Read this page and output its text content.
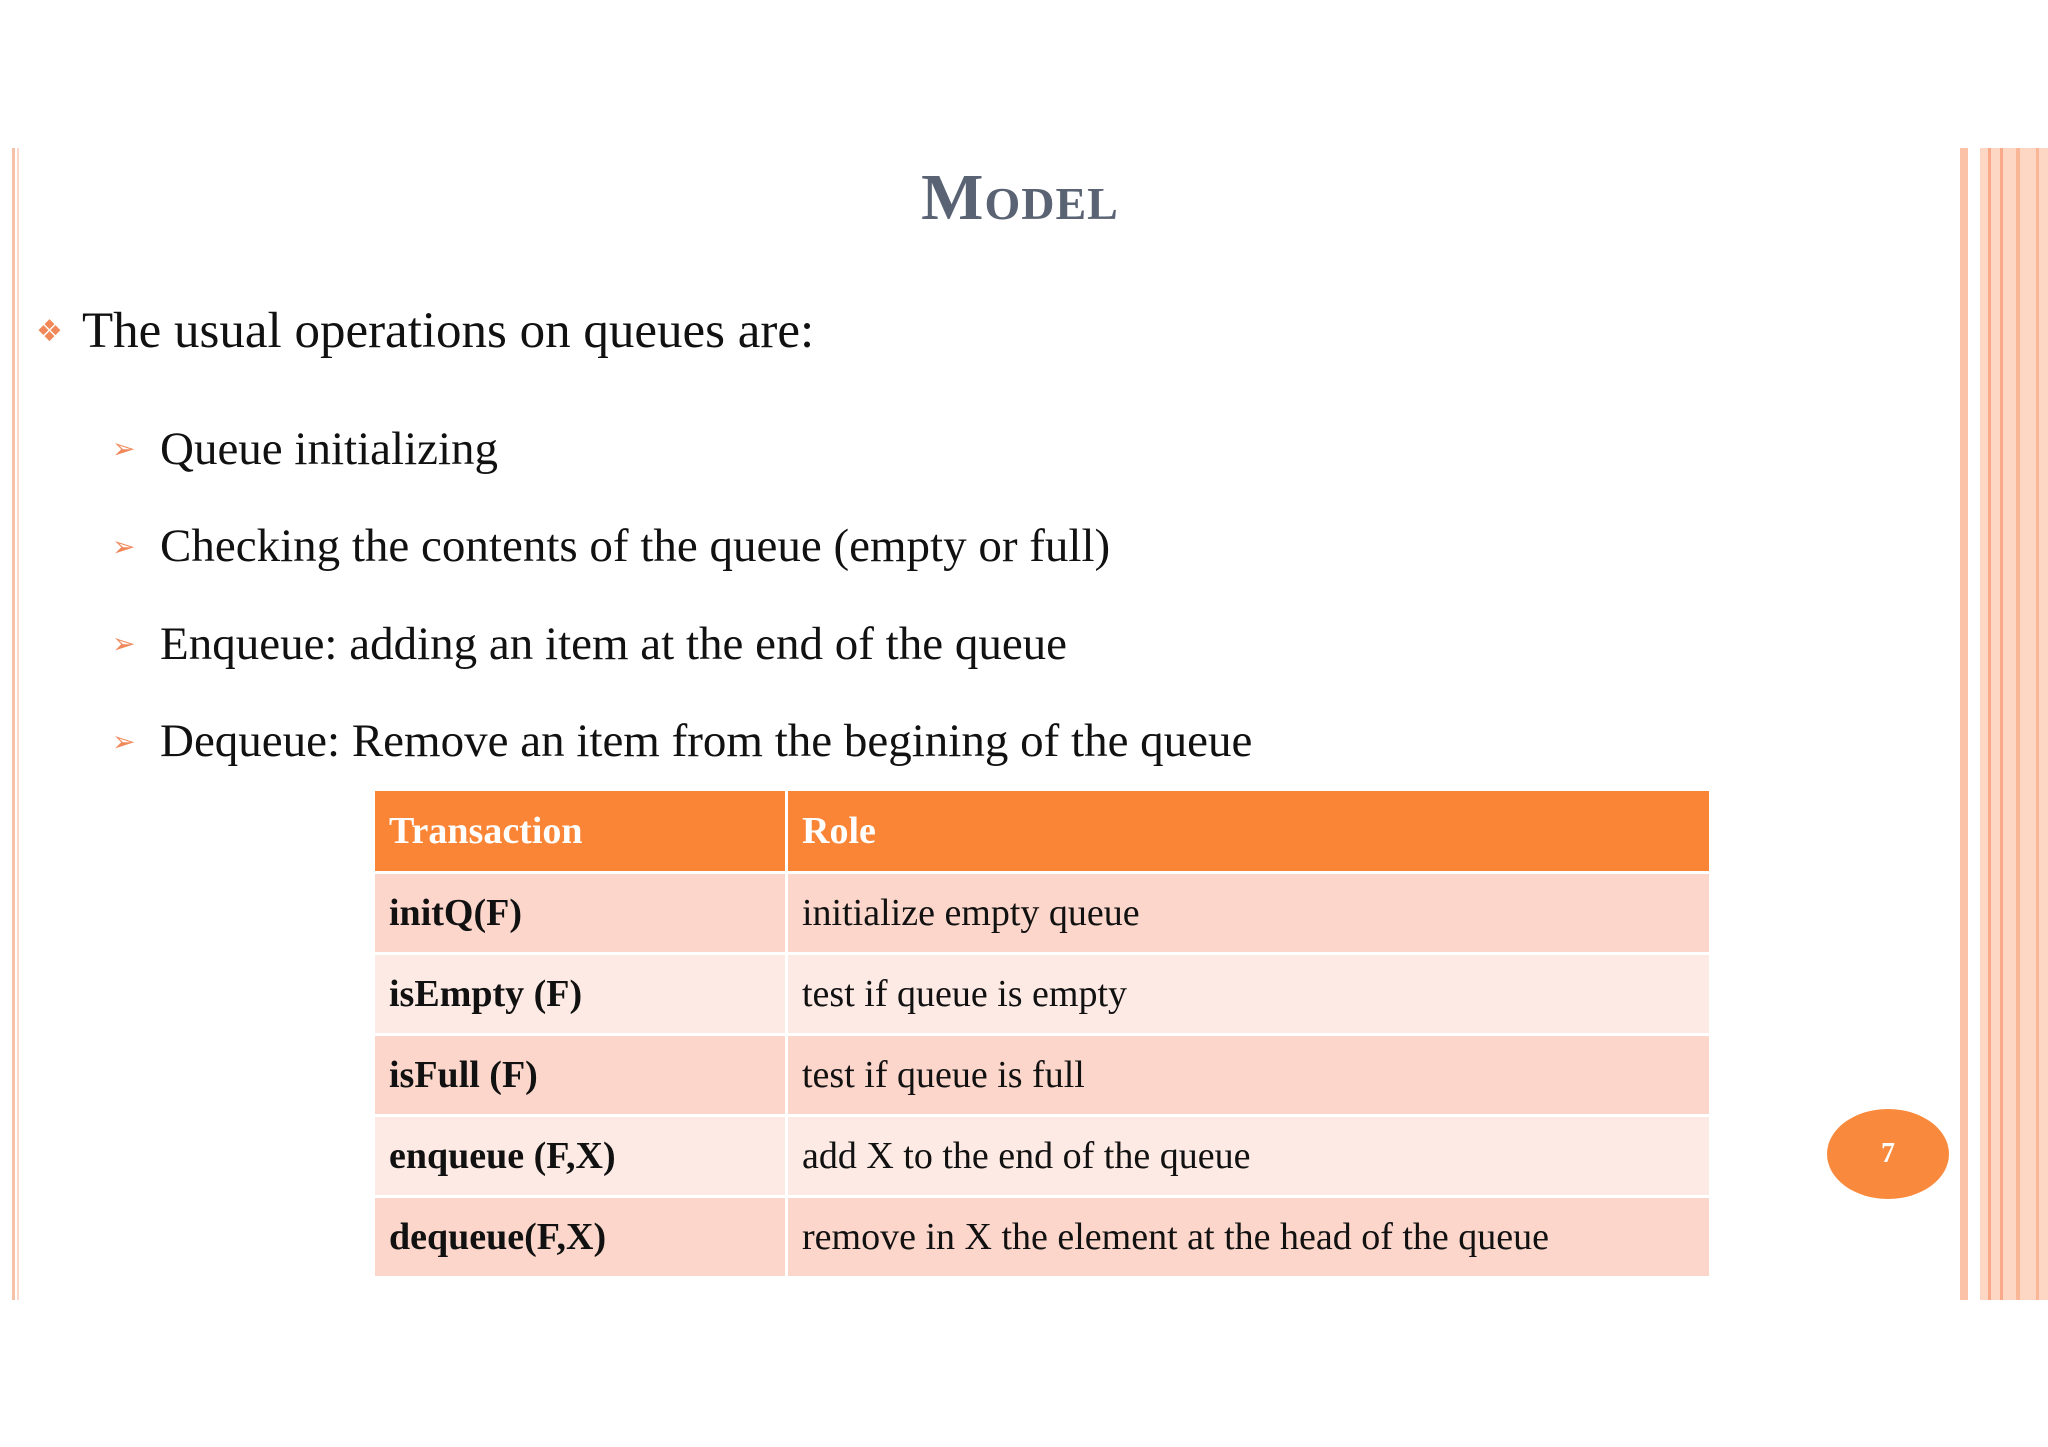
Model
❖ The usual operations on queues are:
➢ Queue initializing
➢ Checking the contents of the queue (empty or full)
➢ Enqueue: adding an item at the end of the queue
➢ Dequeue: Remove an item from the begining of the queue
Transaction	Role
initQ(F)	initialize empty queue
isEmpty (F)	test if queue is empty
isFull (F)	test if queue is full
enqueue (F,X)	add X to the end of the queue
dequeue(F,X)	remove in X the element at the head of the queue
7
